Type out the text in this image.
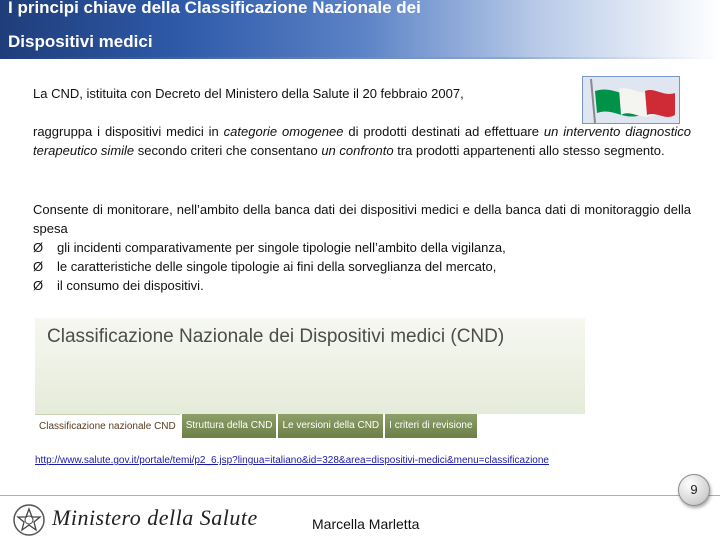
I principi chiave della Classificazione Nazionale dei Dispositivi medici

La CND, istituita con Decreto del Ministero della Salute il 20 febbraio 2007,

raggruppa i dispositivi medici in categorie omogenee di prodotti destinati ad effettuare un intervento diagnostico terapeutico simile secondo criteri che consentano un confronto tra prodotti appartenenti allo stesso segmento.

Consente di monitorare, nell’ambito della banca dati dei dispositivi medici e della banca dati di monitoraggio della spesa

Ø	gli incidenti comparativamente per singole tipologie nell’ambito della vigilanza,
Ø	le caratteristiche delle singole tipologie ai fini della sorveglianza del mercato,
Ø	il consumo dei dispositivi.
Classificazione Nazionale dei Dispositivi medici (CND)
Classificazione nazionale CND	Struttura della CND	Le versioni della CND	I criteri di revisione
http://www.salute.gov.it/portale/temi/p2_6.jsp?lingua=italiano&id=328&area=dispositivi-medici&menu=classificazione

Ministero della Salute	Marcella Marletta

9
